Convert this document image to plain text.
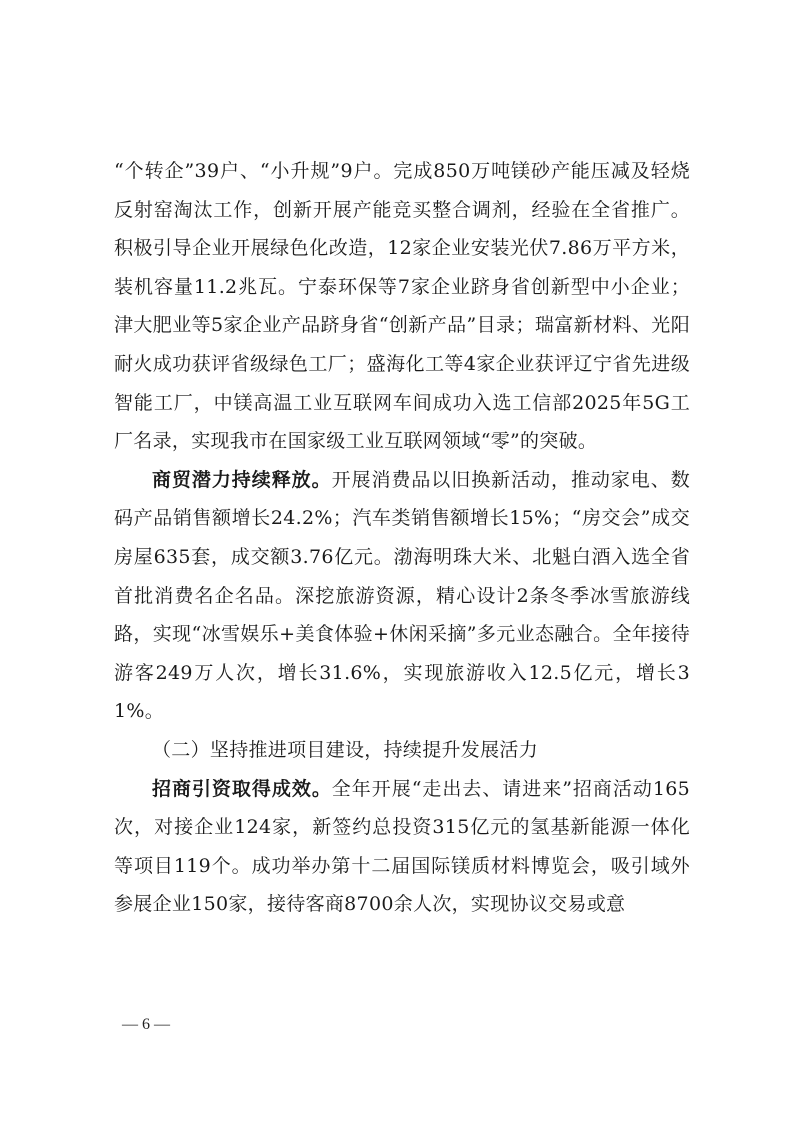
“个转企”39户、“小升规”9户。完成850万吨镁砂产能压减及轻烧反射窑淘汰工作，创新开展产能竞买整合调剂，经验在全省推广。积极引导企业开展绿色化改造，12家企业安装光伏7.86万平方米，装机容量11.2兆瓦。宁泰环保等7家企业跻身省创新型中小企业；津大肥业等5家企业产品跻身省“创新产品”目录；瑞富新材料、光阳耐火成功获评省级绿色工厂；盛海化工等4家企业获评辽宁省先进级智能工厂，中镁高温工业互联网车间成功入选工信部2025年5G工厂名录，实现我市在国家级工业互联网领域“零”的突破。

商贸潜力持续释放。开展消费品以旧换新活动，推动家电、数码产品销售额增长24.2%；汽车类销售额增长15%；“房交会”成交房屋635套，成交额3.76亿元。渤海明珠大米、北魁白酒入选全省首批消费名企名品。深挖旅游资源，精心设计2条冬季冰雪旅游线路，实现“冰雪娱乐+美食体验+休闲采摘”多元业态融合。全年接待游客249万人次，增长31.6%，实现旅游收入12.5亿元，增长31%。

（二）坚持推进项目建设，持续提升发展活力

招商引资取得成效。全年开展“走出去、请进来”招商活动165次，对接企业124家，新签约总投资315亿元的氢基新能源一体化等项目119个。成功举办第十二届国际镁质材料博览会，吸引域外参展企业150家，接待客商8700余人次，实现协议交易或意

— 6 —
